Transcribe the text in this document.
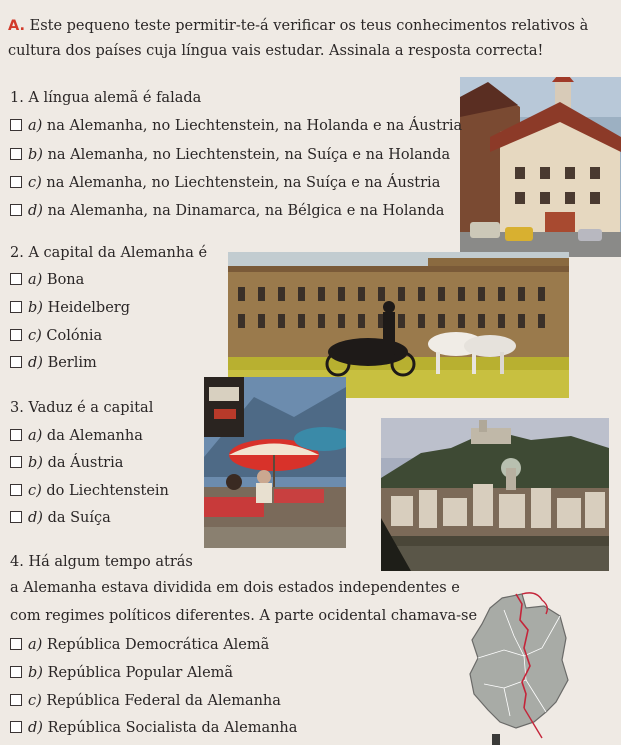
A. Este pequeno teste permitir-te-á verificar os teus conhecimentos relativos à cultura dos países cuja língua vais estudar. Assinala a resposta correcta!

1. A língua alemã é falada

a) na Alemanha, no Liechtenstein, na Holanda e na Áustria
b) na Alemanha, no Liechtenstein, na Suíça e na Holanda
c) na Alemanha, no Liechtenstein, na Suíça e na Áustria
d) na Alemanha, na Dinamarca, na Bélgica e na Holanda

2. A capital da Alemanha é

a) Bona
b) Heidelberg
c) Colónia
d) Berlim

3. Vaduz é a capital

a) da Alemanha
b) da Áustria
c) do Liechtenstein
d) da Suíça

4. Há algum tempo atrás

a Alemanha estava dividida em dois estados independentes e

com regimes políticos diferentes. A parte ocidental chamava-se

a) República Democrática Alemã
b) República Popular Alemã
c) República Federal da Alemanha
d) República Socialista da Alemanha
